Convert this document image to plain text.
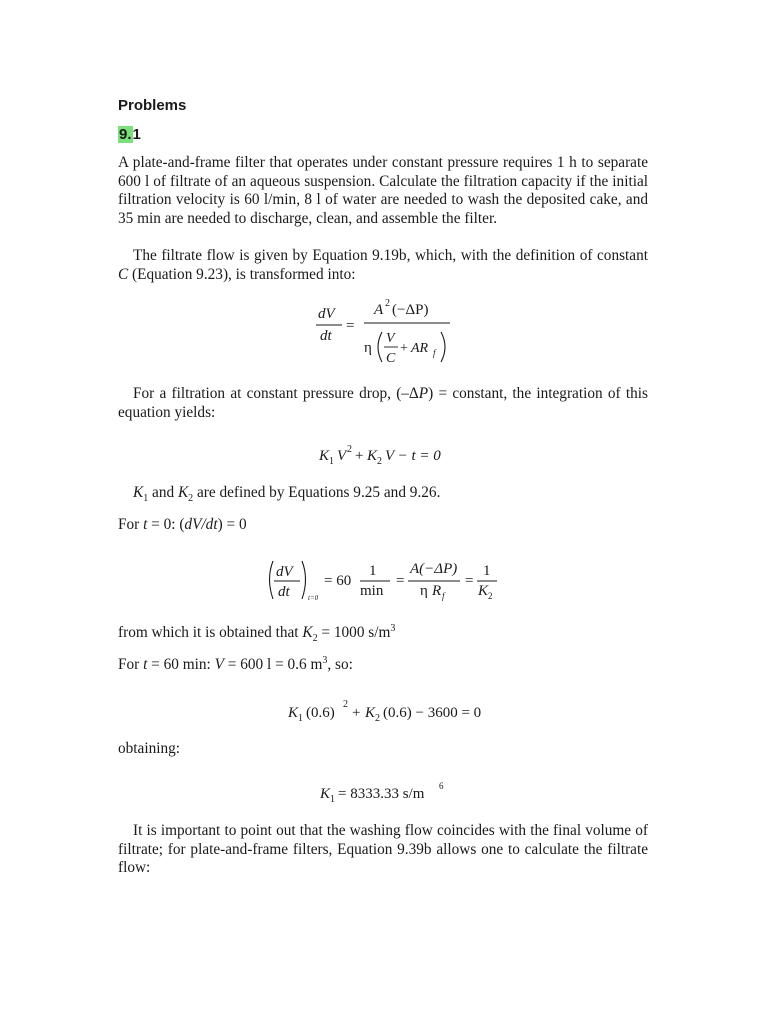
Problems
9.1
A plate-and-frame filter that operates under constant pressure requires 1 h to separate 600 l of filtrate of an aqueous suspension. Calculate the filtration capacity if the initial filtration velocity is 60 l/min, 8 l of water are needed to wash the deposited cake, and 35 min are needed to discharge, clean, and assemble the filter.
The filtrate flow is given by Equation 9.19b, which, with the definition of constant C (Equation 9.23), is transformed into:
dV
dt
=
A 2 (−ΔP)
η
V
C
+ AR f
For a filtration at constant pressure drop, (–ΔP) = constant, the integration of this equation yields:
K 1 V 2 + K 2 V − t = 0
$K_1$ and $K_2$ are defined by Equations 9.25 and 9.26.
For t = 0: (dV/dt) = 0
dV
dt	t=0
= 60
1
min
=
A(−ΔP)
η R f
=
1
K 2
from which it is obtained that $K_2 = 1000$ $s/m^3$
For t = 60 min: V = 600 l = 0.6 $m^3$, so:
K 1 (0.6)
2
+ K 2 (0.6) − 3600 = 0
obtaining:
K 1 = 8333.33 s/m 6
It is important to point out that the washing flow coincides with the final volume of filtrate; for plate-and-frame filters, Equation 9.39b allows one to calculate the filtrate flow:
